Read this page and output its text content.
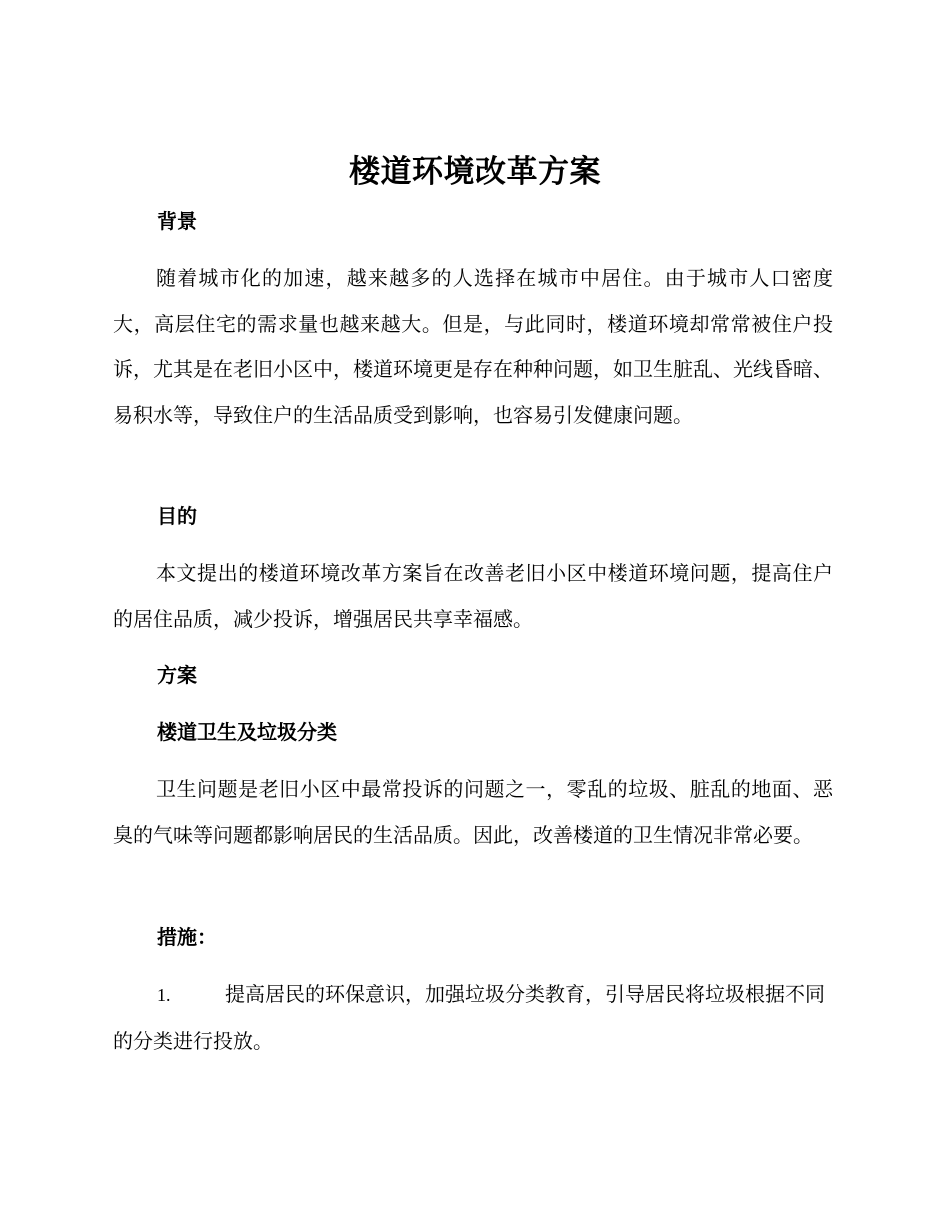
楼道环境改革方案
背景

随着城市化的加速，越来越多的人选择在城市中居住。由于城市人口密度大，高层住宅的需求量也越来越大。但是，与此同时，楼道环境却常常被住户投诉，尤其是在老旧小区中，楼道环境更是存在种种问题，如卫生脏乱、光线昏暗、易积水等，导致住户的生活品质受到影响，也容易引发健康问题。

目的

本文提出的楼道环境改革方案旨在改善老旧小区中楼道环境问题，提高住户的居住品质，减少投诉，增强居民共享幸福感。

方案
楼道卫生及垃圾分类

卫生问题是老旧小区中最常投诉的问题之一，零乱的垃圾、脏乱的地面、恶臭的气味等问题都影响居民的生活品质。因此，改善楼道的卫生情况非常必要。

措施：

1.	提高居民的环保意识，加强垃圾分类教育，引导居民将垃圾根据不同的分类进行投放。
